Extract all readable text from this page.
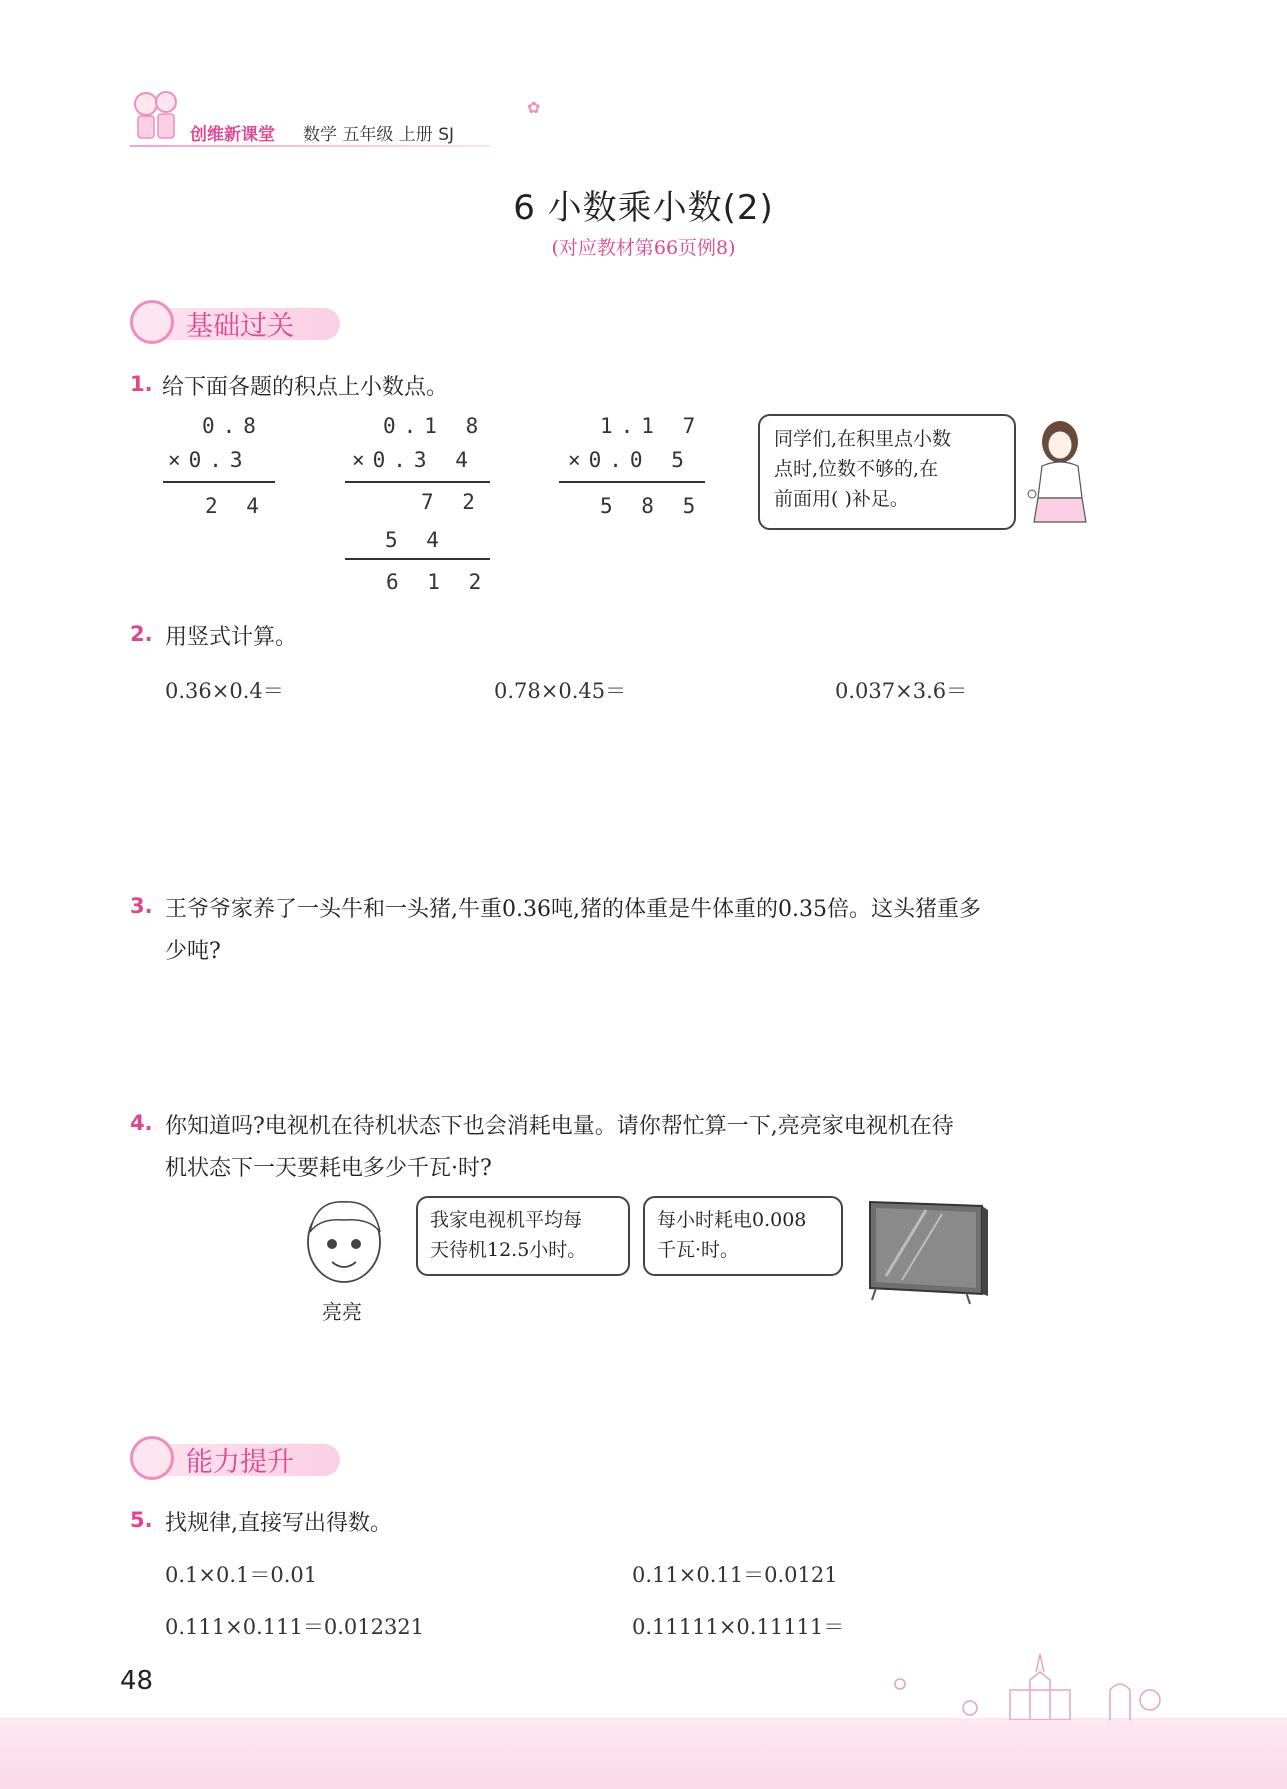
创维新课堂 数学 五年级 上册 SJ
✿
6 小数乘小数(2)
(对应教材第66页例8)
基础过关
1. 给下面各题的积点上小数点。
0.8
×0.3
2 4
0.1 8
×0.3 4
7 2
5 4
6 1 2
1.1 7
×0.0 5
5 8 5
同学们,在积里点小数
点时,位数不够的,在
前面用( )补足。
2. 用竖式计算。
0.36×0.4＝	0.78×0.45＝	0.037×3.6＝
3. 王爷爷家养了一头牛和一头猪,牛重0.36吨,猪的体重是牛体重的0.35倍。这头猪重多
少吨?
4. 你知道吗?电视机在待机状态下也会消耗电量。请你帮忙算一下,亮亮家电视机在待
机状态下一天要耗电多少千瓦·时?
亮亮
我家电视机平均每
天待机12.5小时。
每小时耗电0.008
千瓦·时。
能力提升
5. 找规律,直接写出得数。
0.1×0.1＝0.01	0.11×0.11＝0.0121
0.111×0.111＝0.012321	0.11111×0.11111＝
48
